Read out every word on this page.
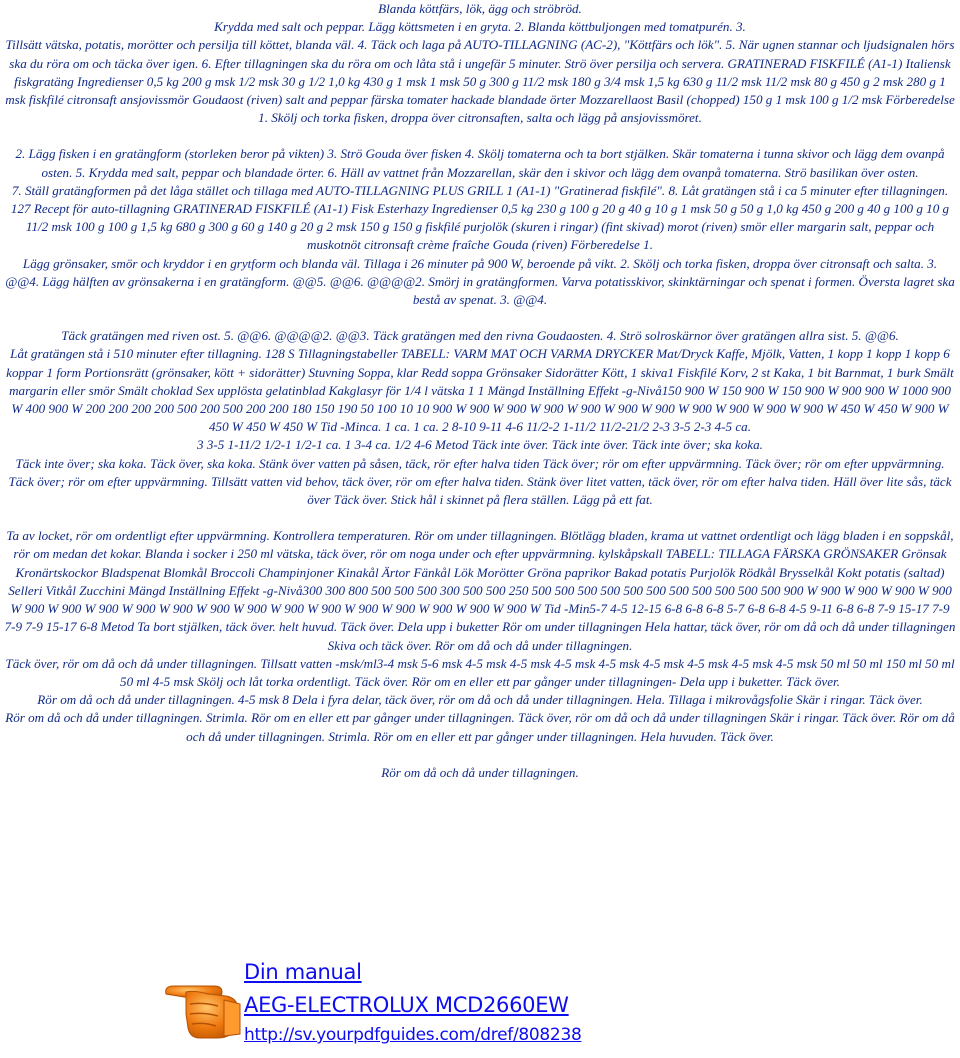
Blanda köttfärs, lök, ägg och ströbröd.

Krydda med salt och peppar. Lägg köttsmeten i en gryta. 2. Blanda köttbuljongen med tomatpurén. 3.

Tillsätt vätska, potatis, morötter och persilja till köttet, blanda väl. 4. Täck och laga på AUTO-TILLAGNING (AC-2), "Köttfärs och lök". 5. När ugnen stannar och ljudsignalen hörs ska du röra om och täcka över igen. 6. Efter tillagningen ska du röra om och låta stå i ungefär 5 minuter. Strö över persilja och servera. GRATINERAD FISKFILÉ (A1-1) Italiensk fiskgratäng Ingredienser 0,5 kg 200 g msk 1/2 msk 30 g 1/2 1,0 kg 430 g 1 msk 1 msk 50 g 300 g 11/2 msk 180 g 3/4 msk 1,5 kg 630 g 11/2 msk 11/2 msk 80 g 450 g 2 msk 280 g 1 msk fiskfilé citronsaft ansjovissmör Goudaost (riven) salt and peppar färska tomater hackade blandade örter Mozzarellaost Basil (chopped) 150 g 1 msk 100 g 1/2 msk Förberedelse 1. Skölj och torka fisken, droppa över citronsaften, salta och lägg på ansjovissmöret.

2. Lägg fisken i en gratängform (storleken beror på vikten) 3. Strö Gouda över fisken 4. Skölj tomaterna och ta bort stjälken. Skär tomaterna i tunna skivor och lägg dem ovanpå osten. 5. Krydda med salt, peppar och blandade örter. 6. Häll av vattnet från Mozzarellan, skär den i skivor och lägg dem ovanpå tomaterna. Strö basilikan över osten.

7. Ställ gratängformen på det låga stället och tillaga med AUTO-TILLAGNING PLUS GRILL 1 (A1-1) "Gratinerad fiskfilé". 8. Låt gratängen stå i ca 5 minuter efter tillagningen. 127 Recept för auto-tillagning GRATINERAD FISKFILÉ (A1-1) Fisk Esterhazy Ingredienser 0,5 kg 230 g 100 g 20 g 40 g 10 g 1 msk 50 g 50 g 1,0 kg 450 g 200 g 40 g 100 g 10 g 11/2 msk 100 g 100 g 1,5 kg 680 g 300 g 60 g 140 g 20 g 2 msk 150 g 150 g fiskfilé purjolök (skuren i ringar) (fint skivad) morot (riven) smör eller margarin salt, peppar och muskotnöt citronsaft crème fraîche Gouda (riven) Förberedelse 1.

Lägg grönsaker, smör och kryddor i en grytform och blanda väl. Tillaga i 26 minuter på 900 W, beroende på vikt. 2. Skölj och torka fisken, droppa över citronsaft och salta. 3.

@@4. Lägg hälften av grönsakerna i en gratängform. @@5. @@6. @@@@2. Smörj in gratängformen. Varva potatisskivor, skinktärningar och spenat i formen. Översta lagret ska bestå av spenat. 3. @@4.

Täck gratängen med riven ost. 5. @@6. @@@@2. @@3. Täck gratängen med den rivna Goudaosten. 4. Strö solroskärnor över gratängen allra sist. 5. @@6.

Låt gratängen stå i 510 minuter efter tillagning. 128 S Tillagningstabeller TABELL: VARM MAT OCH VARMA DRYCKER Mat/Dryck Kaffe, Mjölk, Vatten, 1 kopp 1 kopp 1 kopp 6 koppar 1 form Portionsrätt (grönsaker, kött + sidorätter) Stuvning Soppa, klar Redd soppa Grönsaker Sidorätter Kött, 1 skiva1 Fiskfilé Korv, 2 st Kaka, 1 bit Barnmat, 1 burk Smält margarin eller smör Smält choklad Sex upplösta gelatinblad Kakglasyr för 1/4 l vätska 1 1 Mängd Inställning Effekt -g-Nivå150 900 W 150 900 W 150 900 W 900 900 W 1000 900 W 400 900 W 200 200 200 200 500 200 500 200 200 180 150 190 50 100 10 10 900 W 900 W 900 W 900 W 900 W 900 W 900 W 900 W 900 W 900 W 900 W 450 W 450 W 900 W 450 W 450 W 450 W Tid -Minca. 1 ca. 1 ca. 2 8-10 9-11 4-6 11/2-2 1-11/2 11/2-21/2 2-3 3-5 2-3 4-5 ca.

3 3-5 1-11/2 1/2-1 1/2-1 ca. 1 3-4 ca. 1/2 4-6 Metod Täck inte över. Täck inte över. Täck inte över; ska koka.

Täck inte över; ska koka. Täck över, ska koka. Stänk över vatten på såsen, täck, rör efter halva tiden Täck över; rör om efter uppvärmning. Täck över; rör om efter uppvärmning. Täck över; rör om efter uppvärmning. Tillsätt vatten vid behov, täck över, rör om efter halva tiden. Stänk över litet vatten, täck över, rör om efter halva tiden. Häll över lite sås, täck över Täck över. Stick hål i skinnet på flera ställen. Lägg på ett fat.

Ta av locket, rör om ordentligt efter uppvärmning. Kontrollera temperaturen. Rör om under tillagningen. Blötlägg bladen, krama ut vattnet ordentligt och lägg bladen i en soppskål, rör om medan det kokar. Blanda i socker i 250 ml vätska, täck över, rör om noga under och efter uppvärmning. kylskåpskall TABELL: TILLAGA FÄRSKA GRÖNSAKER Grönsak Kronärtskockor Bladspenat Blomkål Broccoli Champinjoner Kinakål Ärtor Fänkål Lök Morötter Gröna paprikor Bakad potatis Purjolök Rödkål Brysselkål Kokt potatis (saltad) Selleri Vitkål Zucchini Mängd Inställning Effekt -g-Nivå300 300 800 500 500 500 300 500 500 250 500 500 500 500 500 500 500 500 500 500 500 900 W 900 W 900 W 900 W 900 W 900 W 900 W 900 W 900 W 900 W 900 W 900 W 900 W 900 W 900 W 900 W 900 W 900 W 900 W Tid -Min5-7 4-5 12-15 6-8 6-8 6-8 5-7 6-8 6-8 4-5 9-11 6-8 6-8 7-9 15-17 7-9 7-9 7-9 15-17 6-8 Metod Ta bort stjälken, täck över. helt huvud. Täck över. Dela upp i buketter Rör om under tillagningen Hela hattar, täck över, rör om då och då under tillagningen Skiva och täck över. Rör om då och då under tillagningen.

Täck över, rör om då och då under tillagningen. Tillsatt vatten -msk/ml3-4 msk 5-6 msk 4-5 msk 4-5 msk 4-5 msk 4-5 msk 4-5 msk 4-5 msk 4-5 msk 4-5 msk 50 ml 50 ml 150 ml 50 ml 50 ml 4-5 msk Skölj och låt torka ordentligt. Täck över. Rör om en eller ett par gånger under tillagningen- Dela upp i buketter. Täck över.

Rör om då och då under tillagningen. 4-5 msk 8 Dela i fyra delar, täck över, rör om då och då under tillagningen. Hela. Tillaga i mikrovågsfolie Skär i ringar. Täck över.

Rör om då och då under tillagningen. Strimla. Rör om en eller ett par gånger under tillagningen. Täck över, rör om då och då under tillagningen Skär i ringar. Täck över. Rör om då och då under tillagningen. Strimla. Rör om en eller ett par gånger under tillagningen. Hela huvuden. Täck över.

Rör om då och då under tillagningen.

Din manual
AEG-ELECTROLUX MCD2660EW
http://sv.yourpdfguides.com/dref/808238
